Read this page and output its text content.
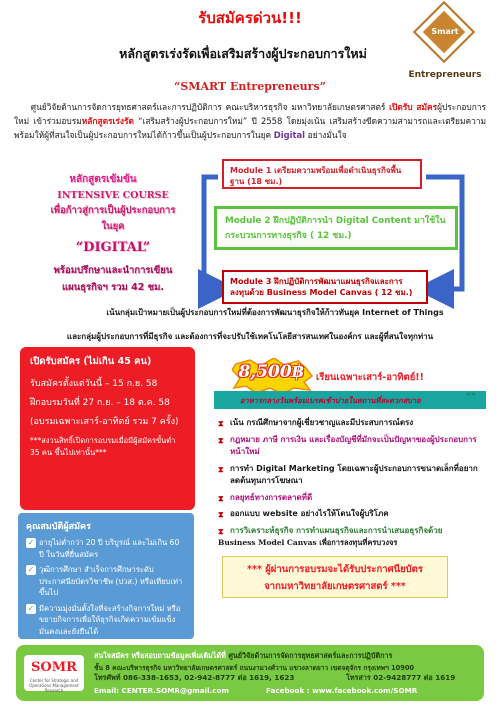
รับสมัครด่วน!!!
หลักสูตรเร่งรัดเพื่อเสริมสร้างผู้ประกอบการใหม่
Smart
Entrepreneurs
“SMART Entrepreneurs”
  ศูนย์วิจัยด้านการจัดการยุทธศาสตร์และการปฏิบัติการ คณะบริหารธุรกิจ มหาวิทยาลัยเกษตรศาสตร์ เปิดรับ สมัครผู้ประกอบการใหม่ เข้าร่วมอบรมหลักสูตรเร่งรัด “เสริมสร้างผู้ประกอบการใหม่” ปี 2558 โดยมุ่งเน้น เสริมสร้างขีดความสามารถและเตรียมความพร้อมให้ผู้ที่สนใจเป็นผู้ประกอบการใหม่ได้ก้าวขึ้นเป็นผู้ประกอบการในยุค Digital อย่างมั่นใจ
หลักสูตรเข้มข้น
INTENSIVE COURSE
เพื่อก้าวสู่การเป็นผู้ประกอบการ
ในยุค
“DIGITAL”
พร้อมปรึกษาและนำการเขียน
แผนธุรกิจฯ รวม 42 ชม.
Module 1 เตรียมความพร้อมเพื่อดำเนินธุรกิจพื้นฐาน (18 ชม.)
Module 2 ฝึกปฏิบัติการนำ Digital Content มาใช้ในกระบวนการทางธุรกิจ ( 12 ชม.)
Module 3 ฝึกปฏิบัติการพัฒนาแผนธุรกิจและการลงทุนด้วย Business Model Canvas ( 12 ชม.)
เน้นกลุ่มเป้าหมายเป็นผู้ประกอบการใหม่ที่ต้องการพัฒนาธุรกิจให้ก้าวทันยุค Internet of Things
และกลุ่มผู้ประกอบการที่มีธุรกิจ และต้องการที่จะปรับใช้เทคโนโลยีสารสนเทศในองค์กร และผู้ที่สนใจทุกท่าน
เปิดรับสมัคร (ไม่เกิน 45 คน)
รับสมัครตั้งแต่วันนี้ – 15 ก.ย. 58
ฝึกอบรมวันที่ 27 ก.ย. – 18 ต.ค. 58
(อบรมเฉพาะเสาร์-อาทิตย์ รวม 7 ครั้ง)
***สงวนสิทธิ์เปิดการอบรมเมื่อมีผู้สมัครขั้นต่ำ 35 คน ขึ้นไปเท่านั้น***
8,500฿ เรียนเฉพาะเสาร์-อาทิตย์!!
อาหารกลางวันพร้อมเบรคเช้าบ่ายในสถานที่สะดวกสบาย	**
⧗ เน้น กรณีศึกษาจากผู้เชี่ยวชาญและมีประสบการณ์ตรง
⧗ กฎหมาย ภาษี การเงิน และเรื่องบัญชีที่มักจะเป็นปัญหาของผู้ประกอบการหน้าใหม่
⧗ การทำ Digital Marketing โดยเฉพาะผู้ประกอบการขนาดเล็กที่อยากลดต้นทุนการโฆษณา
⧗ กลยุทธ์ทางการตลาดที่ดี
⧗ ออกแบบ website อย่างไรให้โดนใจผู้บริโภค
⧗ การวิเคราะห์ธุรกิจ การทำแผนธุรกิจและการนำเสนอธุรกิจด้วย
Business Model Canvas เพื่อการลงทุนที่ครบวงจร
*** ผู้ผ่านการอบรมจะได้รับประกาศนียบัตร
จากมหาวิทยาลัยเกษตรศาสตร์ ***
คุณสมบัติผู้สมัคร
✓ อายุไม่ต่ำกว่า 20 ปี บริบูรณ์ และไม่เกิน 60 ปี ในวันที่ยื่นสมัคร
✓ วุฒิการศึกษา สำเร็จการศึกษาระดับประกาศนียบัตรวิชาชีพ (ปวส.) หรือเทียบเท่าขึ้นไป
✓ มีความมุ่งมั่นตั้งใจที่จะสร้างกิจการใหม่ หรือขยายกิจการเพื่อให้ธุรกิจเกิดความเข้มแข็งมั่นคงและยั่งยืนได้
SOMR
Center for Strategic and Operations Management Research
สนใจสมัคร หรือสอบถามข้อมูลเพิ่มเติมได้ที่ ศูนย์วิจัยด้านการจัดการยุทธศาสตร์และการปฏิบัติการ
ชั้น 8 คณะบริหารธุรกิจ มหาวิทยาลัยเกษตรศาสตร์ ถนนงามวงศ์วาน แขวงลาดยาว เขตจตุจักร กรุงเทพฯ 10900
โทรศัพท์ 086-338-1653, 02-942-8777 ต่อ 1619, 1623	โทรสาร 02-9428777 ต่อ 1619
Email: CENTER.SOMR@gmail.com	Facebook : www.facebook.com/SOMR
